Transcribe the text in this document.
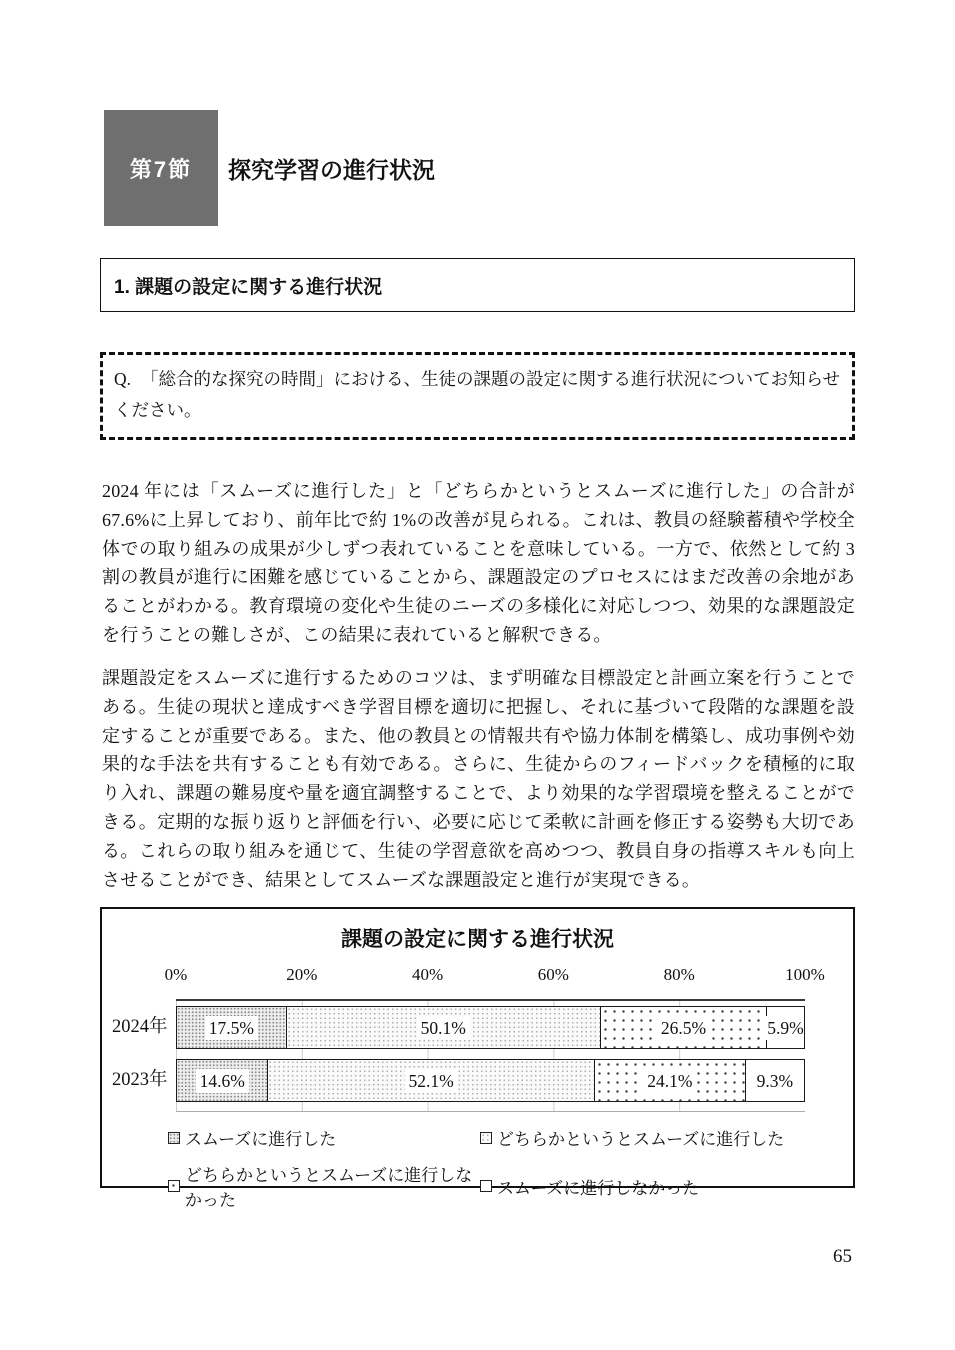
第7節 探究学習の進行状況
1. 課題の設定に関する進行状況
Q. 「総合的な探究の時間」における、生徒の課題の設定に関する進行状況についてお知らせください。

2024 年には「スムーズに進行した」と「どちらかというとスムーズに進行した」の合計が 67.6%に上昇しており、前年比で約 1%の改善が見られる。これは、教員の経験蓄積や学校全体での取り組みの成果が少しずつ表れていることを意味している。一方で、依然として約 3 割の教員が進行に困難を感じていることから、課題設定のプロセスにはまだ改善の余地があることがわかる。教育環境の変化や生徒のニーズの多様化に対応しつつ、効果的な課題設定を行うことの難しさが、この結果に表れていると解釈できる。

課題設定をスムーズに進行するためのコツは、まず明確な目標設定と計画立案を行うことである。生徒の現状と達成すべき学習目標を適切に把握し、それに基づいて段階的な課題を設定することが重要である。また、他の教員との情報共有や協力体制を構築し、成功事例や効果的な手法を共有することも有効である。さらに、生徒からのフィードバックを積極的に取り入れ、課題の難易度や量を適宜調整することで、より効果的な学習環境を整えることができる。定期的な振り返りと評価を行い、必要に応じて柔軟に計画を修正する姿勢も大切である。これらの取り組みを通じて、生徒の学習意欲を高めつつ、教員自身の指導スキルも向上させることができ、結果としてスムーズな課題設定と進行が実現できる。

課題の設定に関する進行状況
0%	20%	40%	60%	80%	100%
2024年
2023年
17.5%	50.1%	26.5%	5.9%
14.6%	52.1%	24.1%	9.3%
スムーズに進行した	どちらかというとスムーズに進行した
どちらかというとスムーズに進行しなかった
スムーズに進行しなかった
65
